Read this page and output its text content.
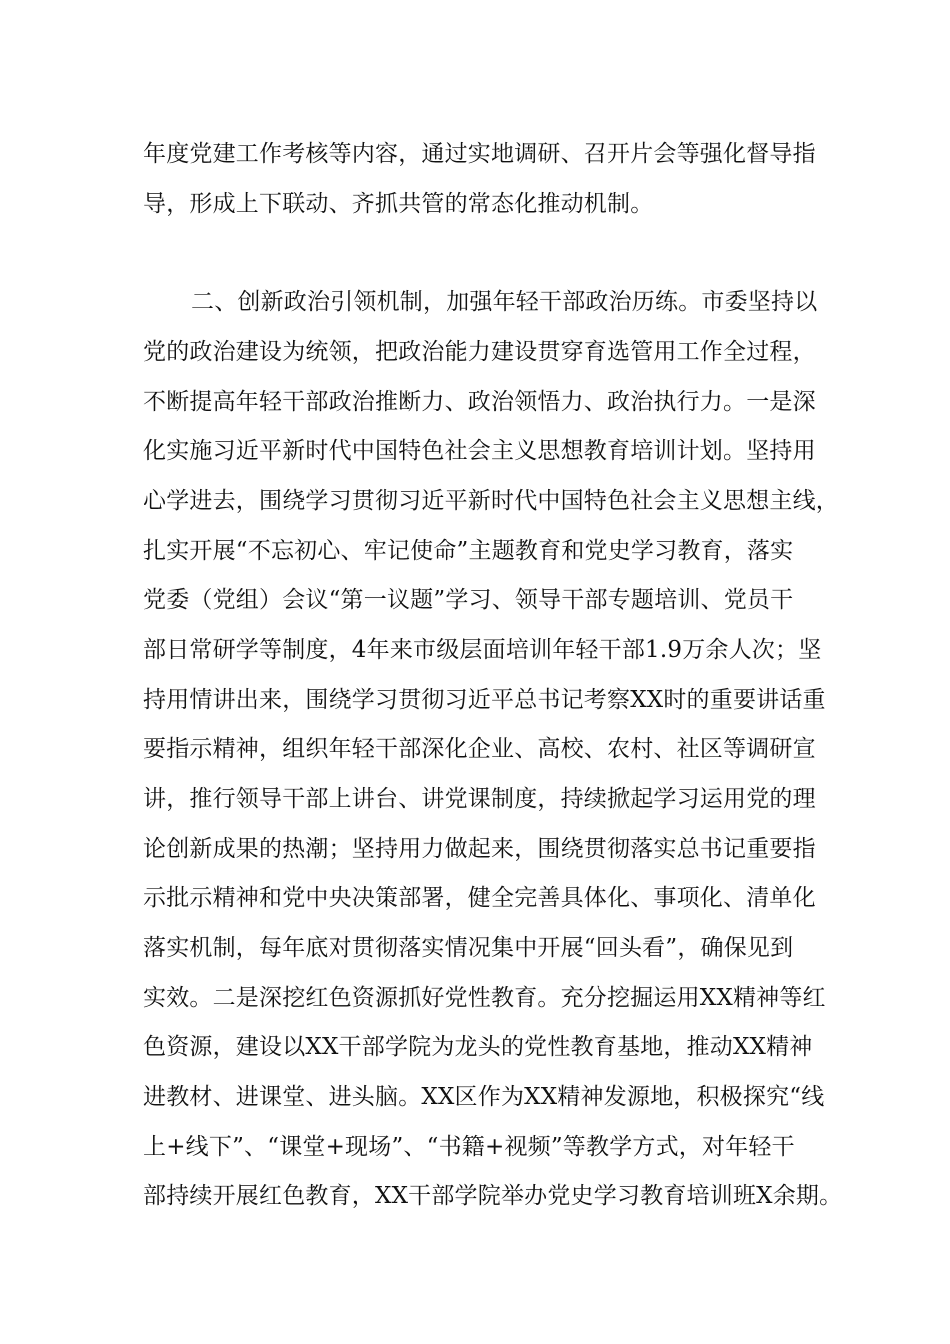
年度党建工作考核等内容，通过实地调研、召开片会等强化督导指
导，形成上下联动、齐抓共管的常态化推动机制。
二、创新政治引领机制，加强年轻干部政治历练。市委坚持以
党的政治建设为统领，把政治能力建设贯穿育选管用工作全过程，
不断提高年轻干部政治推断力、政治领悟力、政治执行力。一是深
化实施习近平新时代中国特色社会主义思想教育培训计划。坚持用
心学进去，围绕学习贯彻习近平新时代中国特色社会主义思想主线，
扎实开展“不忘初心、牢记使命”主题教育和党史学习教育，落实
党委（党组）会议“第一议题”学习、领导干部专题培训、党员干
部日常研学等制度，4年来市级层面培训年轻干部1.9万余人次；坚
持用情讲出来，围绕学习贯彻习近平总书记考察XX时的重要讲话重
要指示精神，组织年轻干部深化企业、高校、农村、社区等调研宣
讲，推行领导干部上讲台、讲党课制度，持续掀起学习运用党的理
论创新成果的热潮；坚持用力做起来，围绕贯彻落实总书记重要指
示批示精神和党中央决策部署，健全完善具体化、事项化、清单化
落实机制，每年底对贯彻落实情况集中开展“回头看”，确保见到
实效。二是深挖红色资源抓好党性教育。充分挖掘运用XX精神等红
色资源，建设以XX干部学院为龙头的党性教育基地，推动XX精神
进教材、进课堂、进头脑。XX区作为XX精神发源地，积极探究“线
上+线下”、“课堂+现场”、“书籍+视频”等教学方式，对年轻干
部持续开展红色教育，XX干部学院举办党史学习教育培训班X余期。
